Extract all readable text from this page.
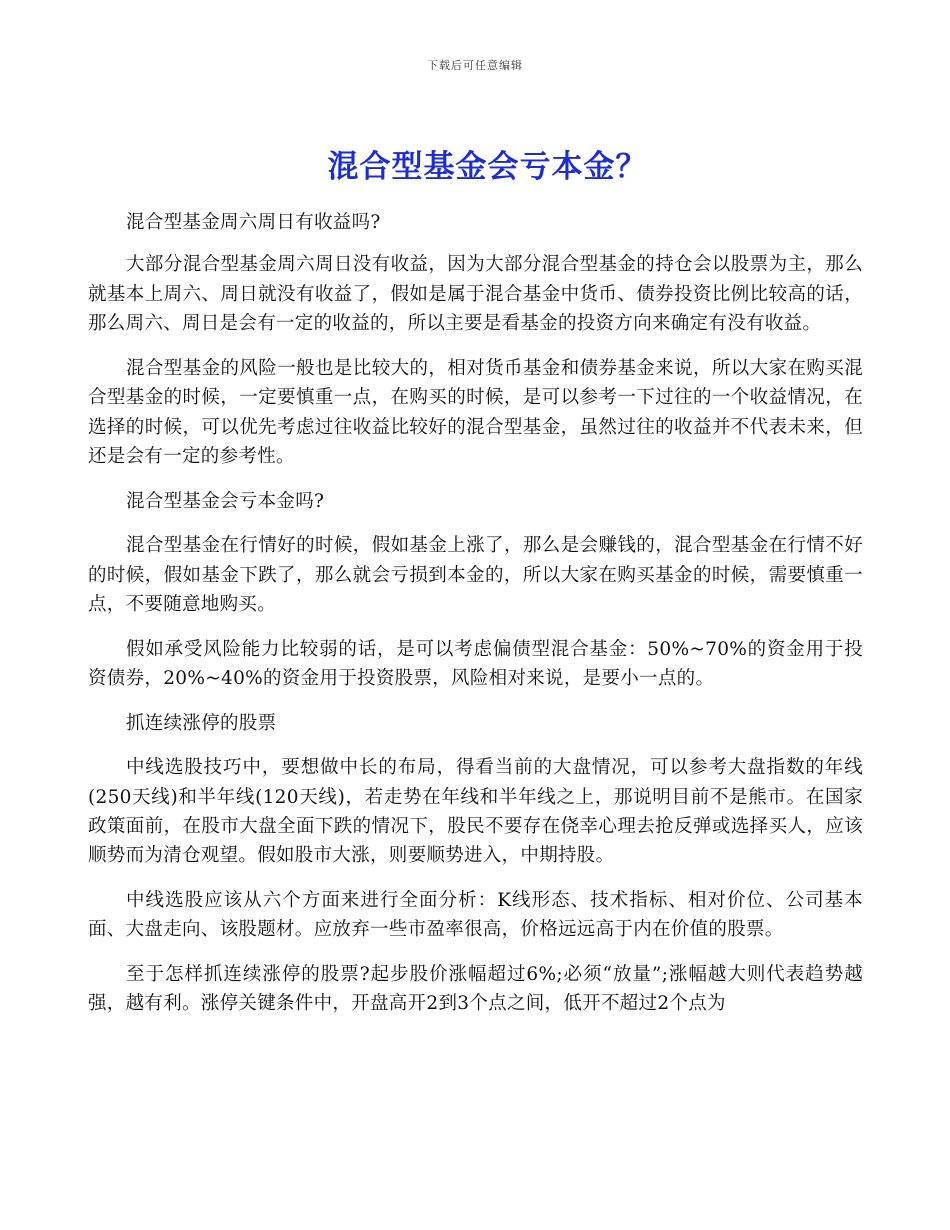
下载后可任意编辑
混合型基金会亏本金？

混合型基金周六周日有收益吗?

大部分混合型基金周六周日没有收益，因为大部分混合型基金的持仓会以股票为主，那么就基本上周六、周日就没有收益了，假如是属于混合基金中货币、债券投资比例比较高的话，那么周六、周日是会有一定的收益的，所以主要是看基金的投资方向来确定有没有收益。

混合型基金的风险一般也是比较大的，相对货币基金和债券基金来说，所以大家在购买混合型基金的时候，一定要慎重一点，在购买的时候，是可以参考一下过往的一个收益情况，在选择的时候，可以优先考虑过往收益比较好的混合型基金，虽然过往的收益并不代表未来，但还是会有一定的参考性。

混合型基金会亏本金吗?

混合型基金在行情好的时候，假如基金上涨了，那么是会赚钱的，混合型基金在行情不好的时候，假如基金下跌了，那么就会亏损到本金的，所以大家在购买基金的时候，需要慎重一点，不要随意地购买。

假如承受风险能力比较弱的话，是可以考虑偏债型混合基金：50%~70%的资金用于投资债券，20%~40%的资金用于投资股票，风险相对来说，是要小一点的。

抓连续涨停的股票

中线选股技巧中，要想做中长的布局，得看当前的大盘情况，可以参考大盘指数的年线(250天线)和半年线(120天线)，若走势在年线和半年线之上，那说明目前不是熊市。在国家政策面前，在股市大盘全面下跌的情况下，股民不要存在侥幸心理去抢反弹或选择买人，应该顺势而为清仓观望。假如股市大涨，则要顺势进入，中期持股。

中线选股应该从六个方面来进行全面分析：K线形态、技术指标、相对价位、公司基本面、大盘走向、该股题材。应放弃一些市盈率很高，价格远远高于内在价值的股票。

至于怎样抓连续涨停的股票?起步股价涨幅超过6%;必须“放量”;涨幅越大则代表趋势越强，越有利。涨停关键条件中，开盘高开2到3个点之间，低开不超过2个点为
